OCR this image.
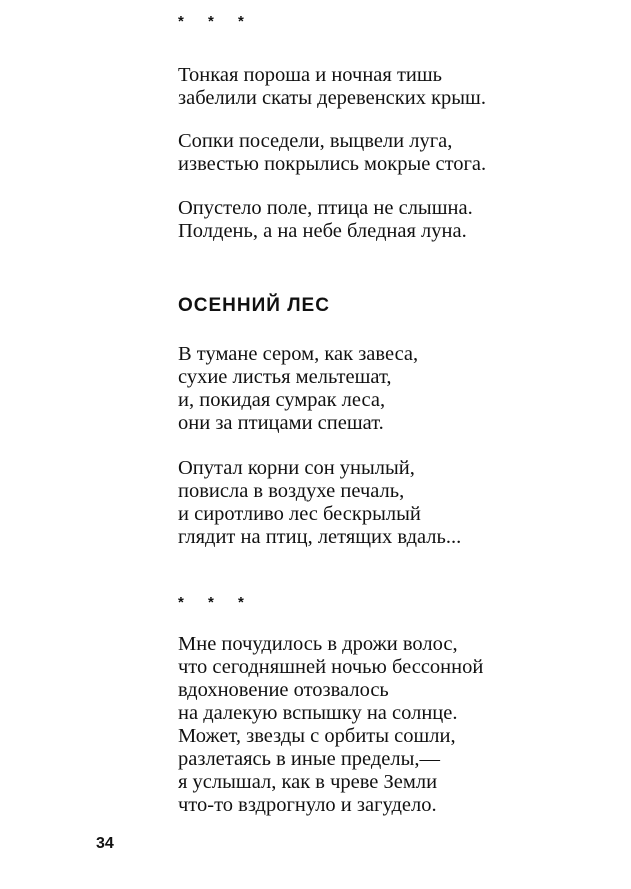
* * *
Тонкая пороша и ночная тишь
забелили скаты деревенских крыш.
Сопки поседели, выцвели луга,
известью покрылись мокрые стога.
Опустело поле, птица не слышна.
Полдень, а на небе бледная луна.
ОСЕННИЙ ЛЕС
В тумане сером, как завеса,
сухие листья мельтешат,
и, покидая сумрак леса,
они за птицами спешат.
Опутал корни сон унылый,
повисла в воздухе печаль,
и сиротливо лес бескрылый
глядит на птиц, летящих вдаль...
* * *
Мне почудилось в дрожи волос,
что сегодняшней ночью бессонной
вдохновение отозвалось
на далекую вспышку на солнце.
Может, звезды с орбиты сошли,
разлетаясь в иные пределы,—
я услышал, как в чреве Земли
что-то вздрогнуло и загудело.
34
